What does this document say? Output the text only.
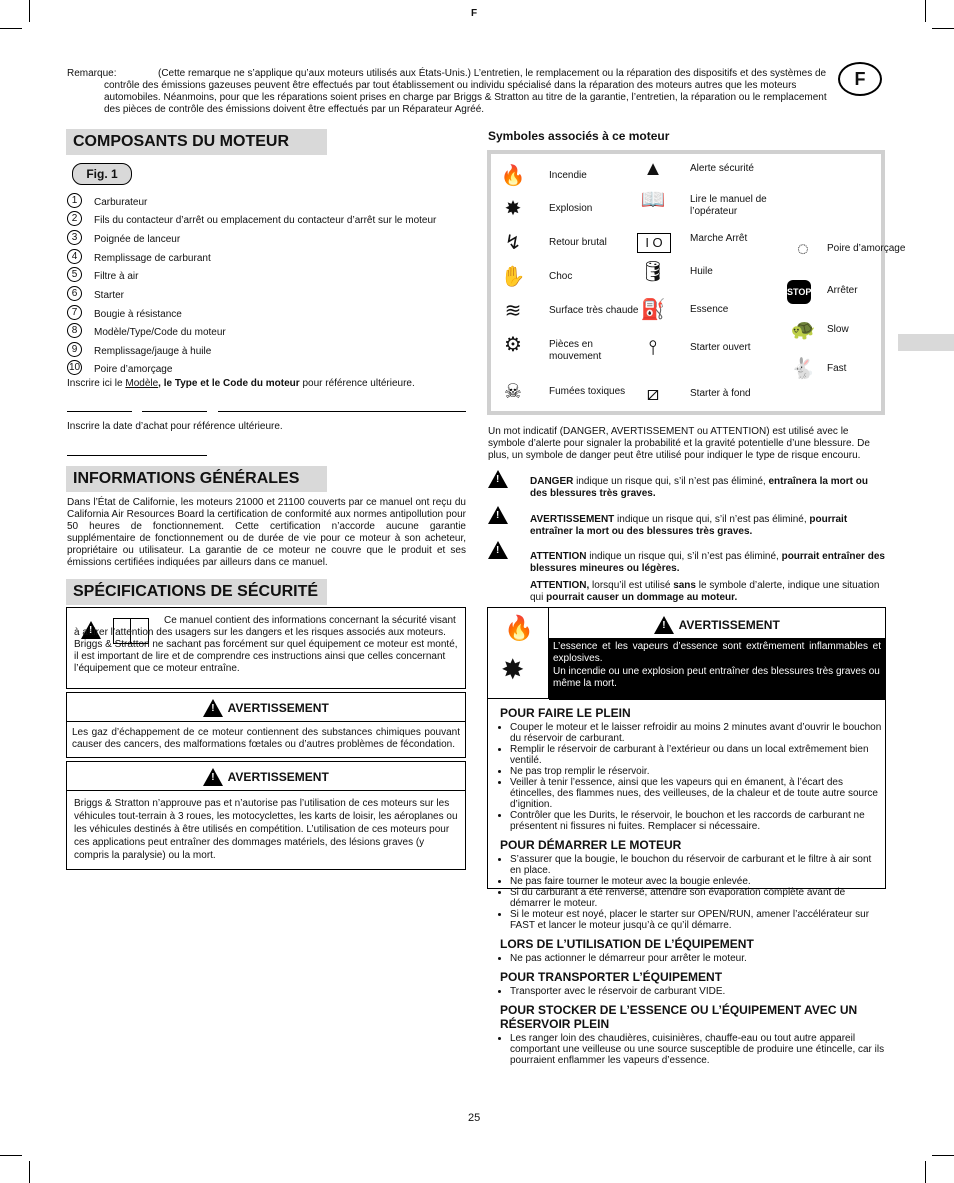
F
F
Remarque:	(Cette remarque ne s’applique qu’aux moteurs utilisés aux États-Unis.) L’entretien, le remplacement ou la réparation des dispositifs et des systèmes de contrôle des émissions gazeuses peuvent être effectués par tout établissement ou individu spécialisé dans la réparation des moteurs autres que les moteurs automobiles. Néanmoins, pour que les réparations soient prises en charge par Briggs & Stratton au titre de la garantie, l’entretien, la réparation ou le remplacement des pièces de contrôle des émissions doivent être effectués par un Réparateur Agréé.
COMPOSANTS DU MOTEUR
Fig. 1
1	Carburateur
2	Fils du contacteur d’arrêt ou emplacement du contacteur d’arrêt sur le moteur
3	Poignée de lanceur
4	Remplissage de carburant
5	Filtre à air
6	Starter
7	Bougie à résistance
8	Modèle/Type/Code du moteur
9	Remplissage/jauge à huile
10 Poire d’amorçage
Inscrire ici le Modèle, le Type et le Code du moteur pour référence ultérieure.
Inscrire la date d’achat pour référence ultérieure.
INFORMATIONS GÉNÉRALES
Dans l’État de Californie, les moteurs 21000 et 21100 couverts par ce manuel ont reçu du California Air Resources Board la certification de conformité aux normes antipollution pour 50 heures de fonctionnement. Cette certification n’accorde aucune garantie supplémentaire de fonctionnement ou de durée de vie pour ce moteur à son acheteur, propriétaire ou utilisateur. La garantie de ce moteur ne couvre que le produit et ses émissions certifiées indiquées par ailleurs dans ce manuel.
SPÉCIFICATIONS DE SÉCURITÉ
!
Ce manuel contient des informations concernant la sécurité visant à attirer l’attention des usagers sur les dangers et les risques associés aux moteurs. Briggs & Stratton ne sachant pas forcément sur quel équipement ce moteur est monté, il est important de lire et de comprendre ces instructions ainsi que celles concernant l’équipement que ce moteur entraîne.
! $_{AVERTISSEMENT}$
Les gaz d’échappement de ce moteur contiennent des substances chimiques pouvant causer des cancers, des malformations fœtales ou d’autres problèmes de fécondation.
! $_{AVERTISSEMENT}$
Briggs & Stratton n’approuve pas et n’autorise pas l’utilisation de ces moteurs sur les véhicules tout-terrain à 3 roues, les motocyclettes, les karts de loisir, les aéroplanes ou les véhicules destinés à être utilisés en compétition. L’utilisation de ces moteurs pour ces applications peut entraîner des dommages matériels, des lésions graves (y compris la paralysie) ou la mort.
Symboles associés à ce moteur
🔥	Incendie
✸	Explosion
↯	Retour brutal
✋	Choc
≋	Surface très chaude
⚙	Pièces en mouvement
☠	Fumées toxiques
▲	Alerte sécurité
📖	Lire le manuel de l’opérateur
I O	Marche Arrêt
🛢	Huile
⛽	Essence
⫯	Starter ouvert
⧄	Starter à fond
◌	Poire d’amorçage
STOP Arrêter
🐢	Slow
🐇	Fast
Un mot indicatif (DANGER, AVERTISSEMENT ou ATTENTION) est utilisé avec le symbole d’alerte pour signaler la probabilité et la gravité potentielle d’une blessure. De plus, un symbole de danger peut être utilisé pour indiquer le type de risque encouru.
!
DANGER indique un risque qui, s’il n’est pas éliminé, entraînera la mort ou des blessures très graves.
!
AVERTISSEMENT indique un risque qui, s’il n’est pas éliminé, pourrait entraîner la mort ou des blessures très graves.
!
ATTENTION indique un risque qui, s’il n’est pas éliminé, pourrait entraîner des blessures mineures ou légères.
ATTENTION, lorsqu’il est utilisé sans le symbole d’alerte, indique une situation qui pourrait causer un dommage au moteur.
🔥
✸
! $_{AVERTISSEMENT}$
L’essence et les vapeurs d’essence sont extrêmement inflammables et explosives.
Un incendie ou une explosion peut entraîner des blessures très graves ou même la mort.
POUR FAIRE LE PLEIN
• Couper le moteur et le laisser refroidir au moins 2 minutes avant d’ouvrir le bouchon du réservoir de carburant.
• Remplir le réservoir de carburant à l’extérieur ou dans un local extrêmement bien ventilé.
• Ne pas trop remplir le réservoir.
• Veiller à tenir l’essence, ainsi que les vapeurs qui en émanent, à l’écart des étincelles, des flammes nues, des veilleuses, de la chaleur et de toute autre source d’ignition.
• Contrôler que les Durits, le réservoir, le bouchon et les raccords de carburant ne présentent ni fissures ni fuites. Remplacer si nécessaire.
POUR DÉMARRER LE MOTEUR
• S’assurer que la bougie, le bouchon du réservoir de carburant et le filtre à air sont en place.
• Ne pas faire tourner le moteur avec la bougie enlevée.
• Si du carburant a été renversé, attendre son évaporation complète avant de démarrer le moteur.
• Si le moteur est noyé, placer le starter sur OPEN/RUN, amener l’accélérateur sur FAST et lancer le moteur jusqu’à ce qu’il démarre.
LORS DE L’UTILISATION DE L’ÉQUIPEMENT
• Ne pas actionner le démarreur pour arrêter le moteur.
POUR TRANSPORTER L’ÉQUIPEMENT
• Transporter avec le réservoir de carburant VIDE.
POUR STOCKER DE L’ESSENCE OU L’ÉQUIPEMENT AVEC UN RÉSERVOIR PLEIN
• Les ranger loin des chaudières, cuisinières, chauffe-eau ou tout autre appareil comportant une veilleuse ou une source susceptible de produire une étincelle, car ils pourraient enflammer les vapeurs d’essence.
25
